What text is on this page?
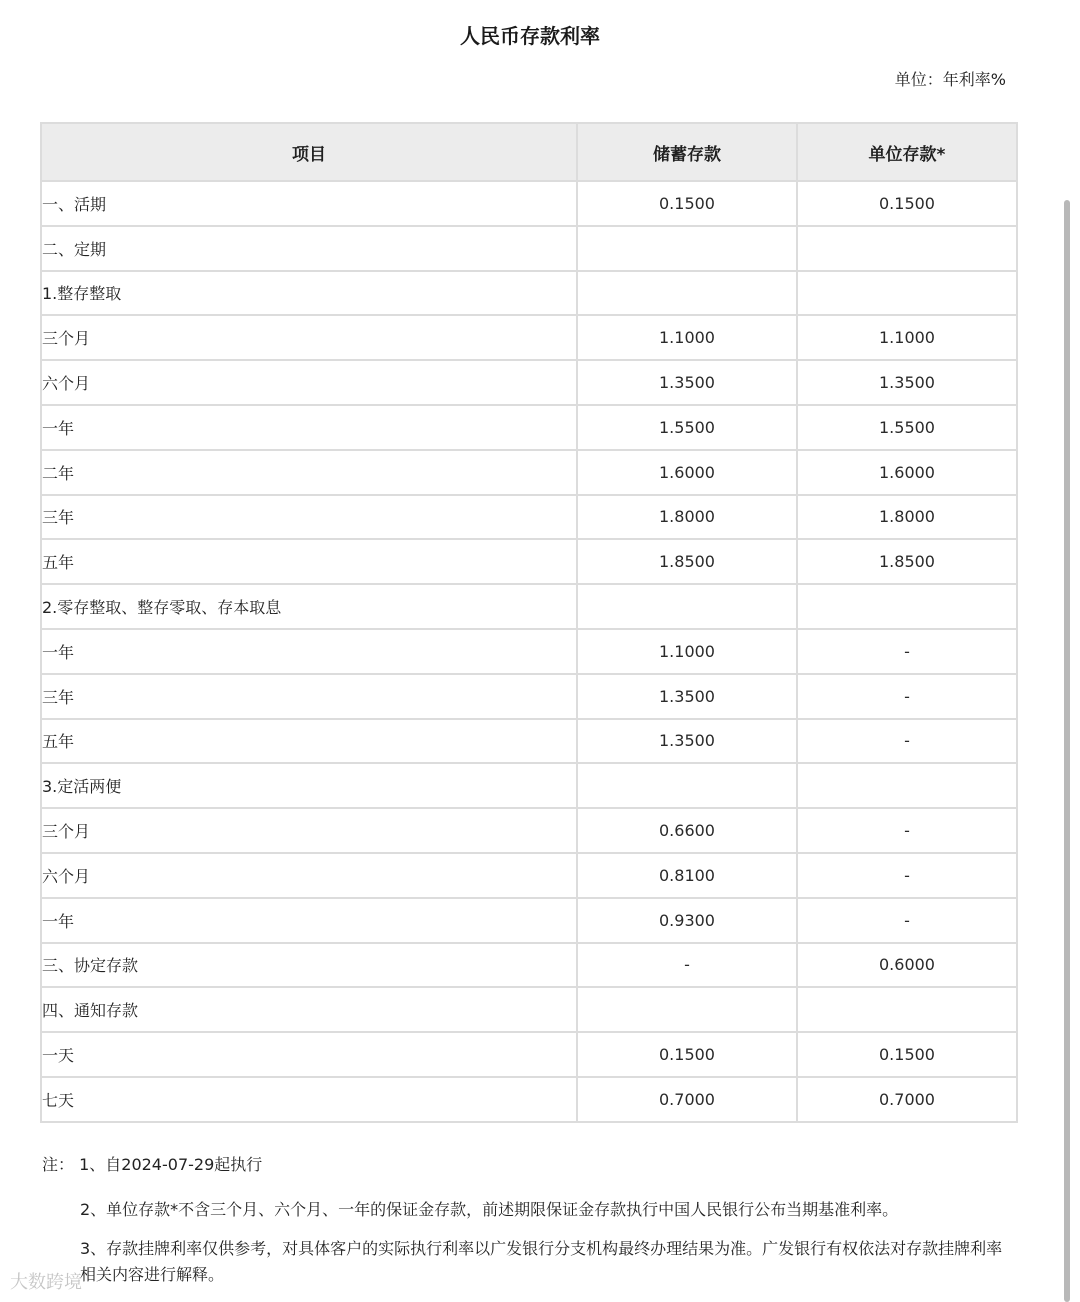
人民币存款利率
单位：年利率%
项目	储蓄存款	单位存款*
一、活期	0.1500	0.1500
二、定期		
1.整存整取		
三个月	1.1000	1.1000
六个月	1.3500	1.3500
一年	1.5500	1.5500
二年	1.6000	1.6000
三年	1.8000	1.8000
五年	1.8500	1.8500
2.零存整取、整存零取、存本取息		
一年	1.1000	-
三年	1.3500	-
五年	1.3500	-
3.定活两便		
三个月	0.6600	-
六个月	0.8100	-
一年	0.9300	-
三、协定存款	-	0.6000
四、通知存款		
一天	0.1500	0.1500
七天	0.7000	0.7000
注： 1、自2024-07-29起执行
2、单位存款*不含三个月、六个月、一年的保证金存款，前述期限保证金存款执行中国人民银行公布当期基准利率。
3、存款挂牌利率仅供参考，对具体客户的实际执行利率以广发银行分支机构最终办理结果为准。广发银行有权依法对存款挂牌利率相关内容进行解释。
大数跨境
